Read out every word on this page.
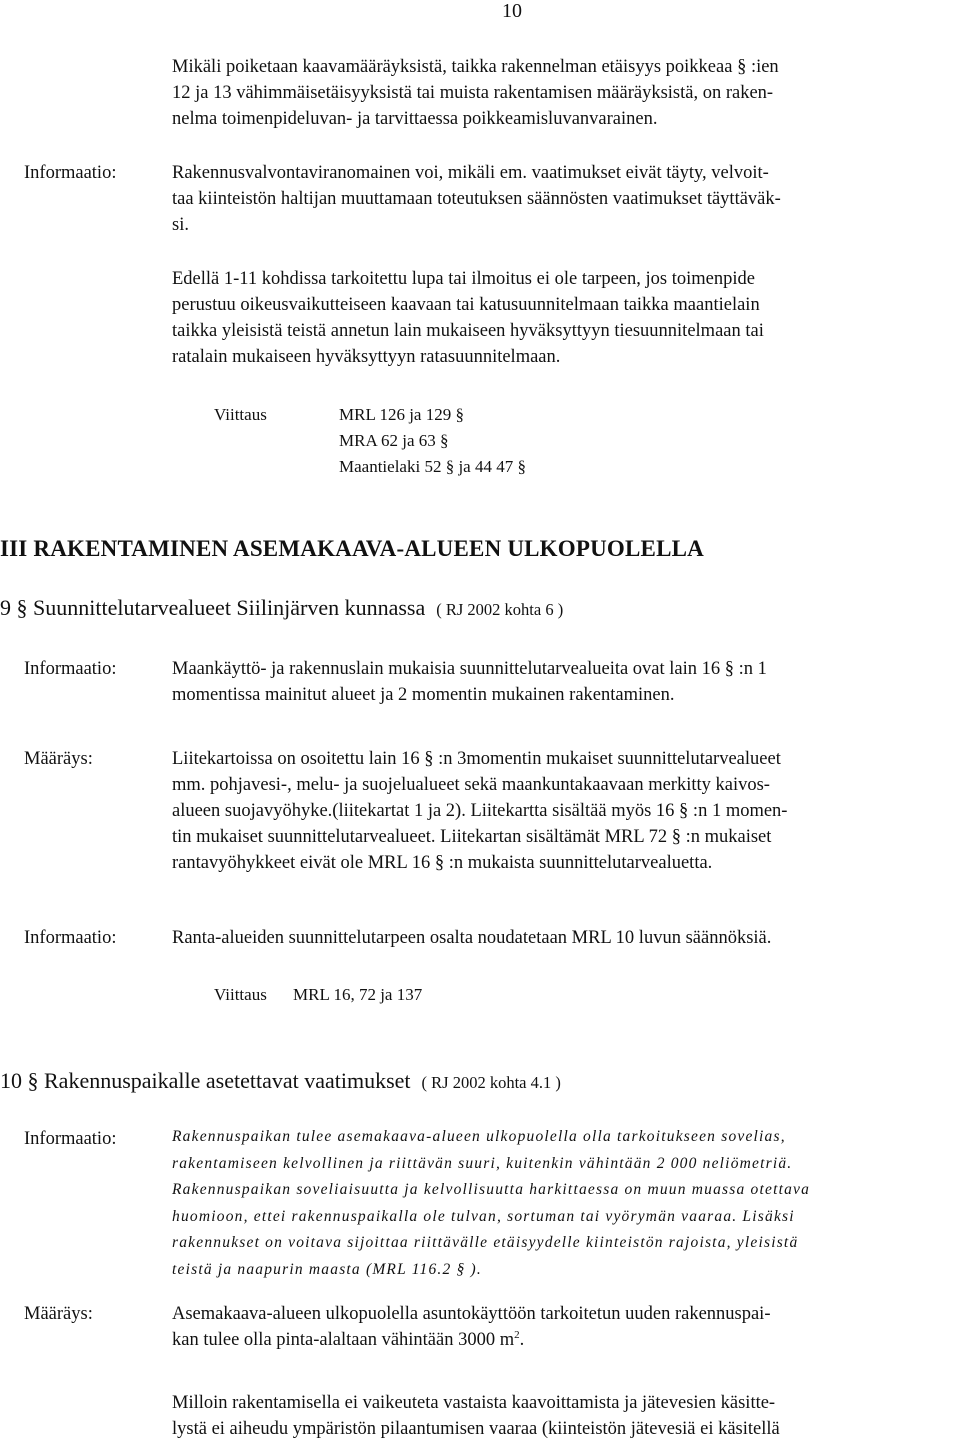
10

Mikäli poiketaan kaavamääräyksistä, taikka rakennelman etäisyys poikkeaa § :ien

12 ja 13 vähimmäisetäisyyksistä tai muista rakentamisen määräyksistä, on raken-

nelma toimenpideluvan- ja tarvittaessa poikkeamisluvanvarainen.

Informaatio:	Rakennusvalvontaviranomainen voi, mikäli em. vaatimukset eivät täyty, velvoit-

taa kiinteistön haltijan muuttamaan toteutuksen säännösten vaatimukset täyttäväk-

si.

Edellä 1-11 kohdissa tarkoitettu lupa tai ilmoitus ei ole tarpeen, jos toimenpide

perustuu oikeusvaikutteiseen kaavaan tai katusuunnitelmaan taikka maantielain

taikka yleisistä teistä annetun lain mukaiseen hyväksyttyyn tiesuunnitelmaan tai

ratalain mukaiseen hyväksyttyyn ratasuunnitelmaan.

Viittaus	MRL 126 ja 129 §
MRA 62 ja 63 §
Maantielaki 52 § ja 44 47 §
III RAKENTAMINEN ASEMAKAAVA-ALUEEN ULKOPUOLELLA
9 § Suunnittelutarvealueet Siilinjärven kunnassa ( RJ 2002 kohta 6 )
Informaatio:	Maankäyttö- ja rakennuslain mukaisia suunnittelutarvealueita ovat lain 16 § :n 1

momentissa mainitut alueet ja 2 momentin mukainen rakentaminen.

Määräys:	Liitekartoissa on osoitettu lain 16 § :n 3momentin mukaiset suunnittelutarvealueet

mm. pohjavesi-, melu- ja suojelualueet sekä maankuntakaavaan merkitty kaivos-

alueen suojavyöhyke.(liitekartat 1 ja 2). Liitekartta sisältää myös 16 § :n 1 momen-

tin mukaiset suunnittelutarvealueet. Liitekartan sisältämät MRL 72 § :n mukaiset

rantavyöhykkeet eivät ole MRL 16 § :n mukaista suunnittelutarvealuetta.

Informaatio:	Ranta-alueiden suunnittelutarpeen osalta noudatetaan MRL 10 luvun säännöksiä.
Viittaus MRL 16, 72 ja 137
10 § Rakennuspaikalle asetettavat vaatimukset ( RJ 2002 kohta 4.1 )
Informaatio:	Rakennuspaikan tulee asemakaava-alueen ulkopuolella olla tarkoitukseen sovelias,

rakentamiseen kelvollinen ja riittävän suuri, kuitenkin vähintään 2 000 neliömetriä.

Rakennuspaikan soveliaisuutta ja kelvollisuutta harkittaessa on muun muassa otettava

huomioon, ettei rakennuspaikalla ole tulvan, sortuman tai vyörymän vaaraa. Lisäksi

rakennukset on voitava sijoittaa riittävälle etäisyydelle kiinteistön rajoista, yleisistä

teistä ja naapurin maasta (MRL 116.2 § ).

Määräys:	Asemakaava-alueen ulkopuolella asuntokäyttöön tarkoitetun uuden rakennuspai-

kan tulee olla pinta-alaltaan vähintään 3000 $m^2$.

Milloin rakentamisella ei vaikeuteta vastaista kaavoittamista ja jätevesien käsitte-

lystä ei aiheudu ympäristön pilaantumisen vaaraa (kiinteistön jätevesiä ei käsitellä
